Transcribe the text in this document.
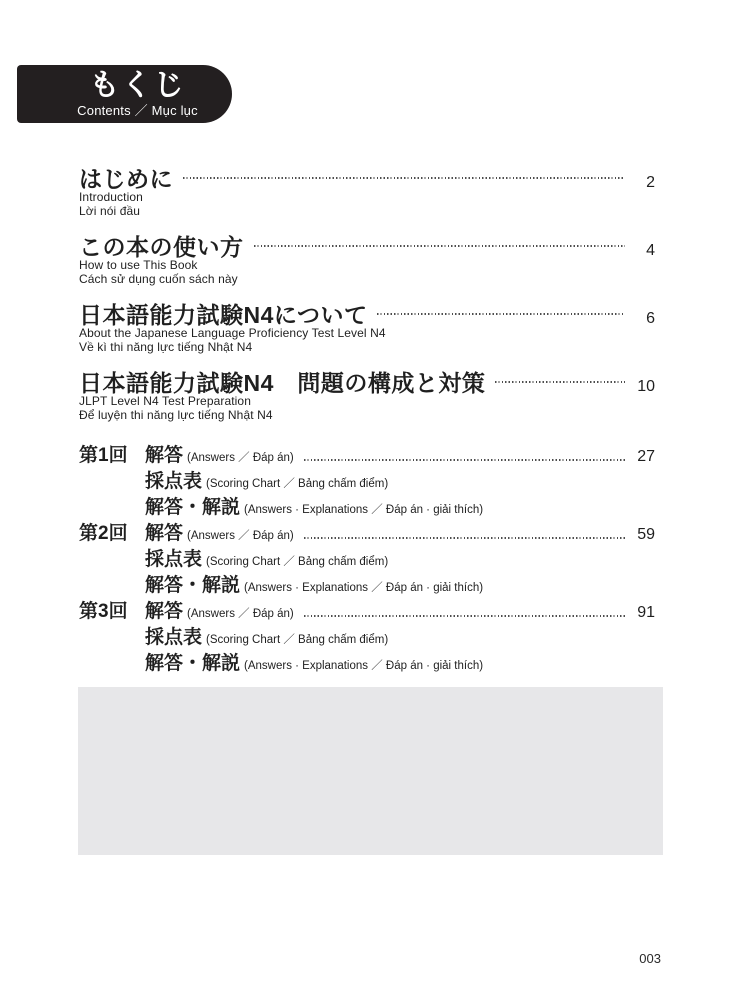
もくじ
Contents ／ Mục lục
はじめに	2
Introduction
Lời nói đầu
この本の使い方	4
How to use This Book
Cách sử dụng cuốn sách này
日本語能力試験N4について	6
About the Japanese Language Proficiency Test Level N4
Về kì thi năng lực tiếng Nhật N4
日本語能力試験N4　問題の構成と対策	10
JLPT Level N4 Test Preparation
Để luyện thi năng lực tiếng Nhật N4
第1回 解答 (Answers ／ Đáp án)	27
採点表 (Scoring Chart ／ Bảng chấm điểm)
解答・解説 (Answers · Explanations ／ Đáp án · giải thích)
第2回 解答 (Answers ／ Đáp án)	59
採点表 (Scoring Chart ／ Bảng chấm điểm)
解答・解説 (Answers · Explanations ／ Đáp án · giải thích)
第3回 解答 (Answers ／ Đáp án)	91
採点表 (Scoring Chart ／ Bảng chấm điểm)
解答・解説 (Answers · Explanations ／ Đáp án · giải thích)
003
